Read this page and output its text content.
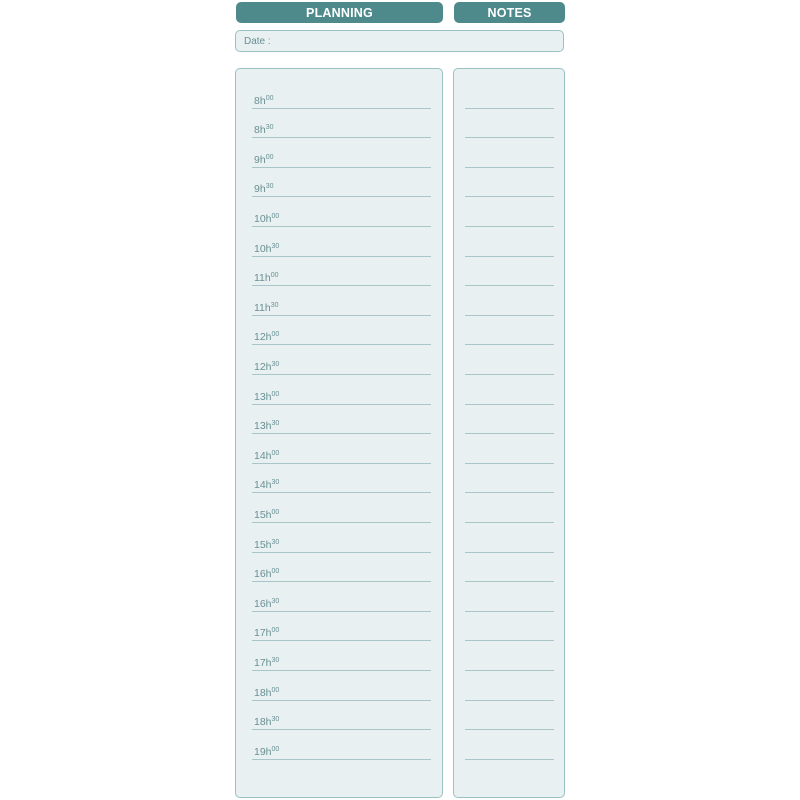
PLANNING	NOTES
Date :
$8h^{00}$
$8h^{30}$
$9h^{00}$
$9h^{30}$
$10h^{00}$
$10h^{30}$
$11h^{00}$
$11h^{30}$
$12h^{00}$
$12h^{30}$
$13h^{00}$
$13h^{30}$
$14h^{00}$
$14h^{30}$
$15h^{00}$
$15h^{30}$
$16h^{00}$
$16h^{30}$
$17h^{00}$
$17h^{30}$
$18h^{00}$
$18h^{30}$
$19h^{00}$
